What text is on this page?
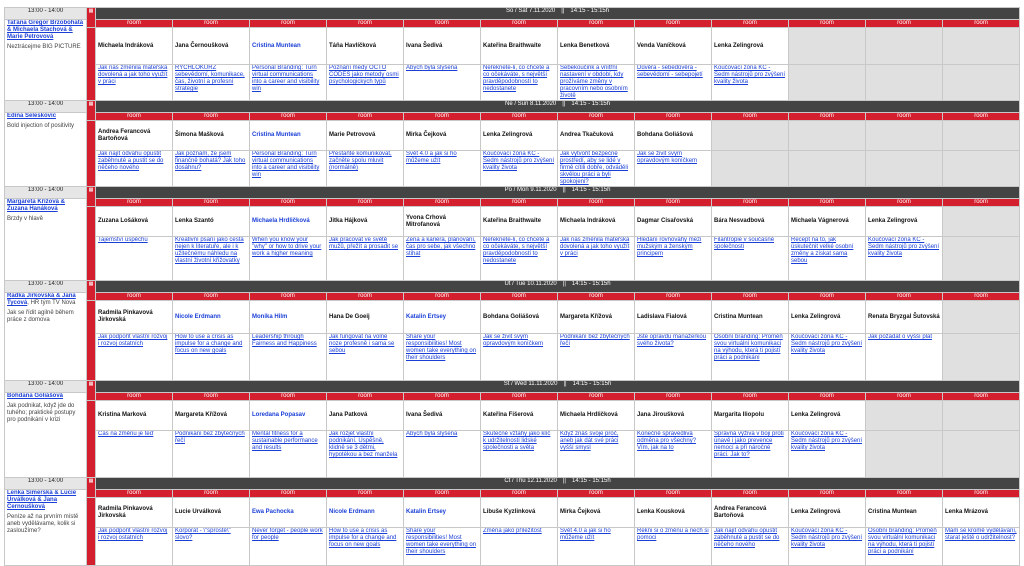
13:00 - 14:00	▦	So / Sat 7.11.2020 || 14:15 - 15:15h											
Taťána Gregor Brzobohatá & Michaela Stachová & Marie Petrovová
Neztrácejme BIG PICTURE		room	room	room	room	room	room	room	room	room	room	room	room
		Michaela Indráková	Jana Černoušková	Cristina Muntean	Táňa Havlíčková	Ivana Šedivá	Kateřina Braithwaite	Lenka Benetková	Venda Vaníčková	Lenka Zelingrová			
		Jak nás změnila mateřská dovolená a jak toho využít v práci	RYCHLOKURZ sebevědomí, komunikace, čas, životní a profesní strategie	Personal Branding: Turn virtual communications into a career and visibility win	Poznání medy OCTO CODES jako metody osmi psychologických typů	Abych byla slyšena	Neřeknete-li, co chcete a co očekáváte, s největší pravděpodobností to nedostanete	Sebekoučink a vnitřní nastavení v období, kdy prožíváme změny v pracovním nebo osobním životě	Důvěra - sebedůvěra - sebevědomí - sebepojetí	Koučovací zóna KC - Sedm nástrojů pro zvýšení kvality života			
13:00 - 14:00	▦	Ne / Sun 8.11.2020 || 14:15 - 15:15h											
Edina Seleskovic
Bold injection of positivity		room	room	room	room	room	room	room	room	room	room	room	room
		Andrea Ferancová Bartoňová	Šimona Mašková	Cristina Muntean	Marie Petrovová	Mirka Čejková	Lenka Zelingrová	Andrea Tkačuková	Bohdana Goliášová				
		Jak najít odvahu opustit zaběhnuté a pustit se do něčeho nového	Jak poznám, že jsem finančně bohatá? Jak toho dosáhnu?	Personal Branding: Turn virtual communications into a career and visibility win	Přestaňte komunikovat, začněte spolu mluvit (normálně)	Svět 4.0 a jak si ho můžeme užít	Koučovací zóna KC - Sedm nástrojů pro zvýšení kvality života	Jak vytvořit bezpečné prostředí, aby se lidé v firmě cítili dobře, odváděli skvělou práci a byli spokojeni?	Jak se živit svým opravdovým koníčkem				
13:00 - 14:00	▦	Po / Mon 9.11.2020 || 14:15 - 15:15h											
Margareta Křížová & Zuzana Hanáková
Brzdy v hlavě		room	room	room	room	room	room	room	room	room	room	room	room
		Zuzana Lošáková	Lenka Szantó	Michaela Hrdličková	Jitka Hájková	Yvona Crhová Mitrofanová	Kateřina Braithwaite	Michaela Indráková	Dagmar Cisařovská	Bára Nesvadbová	Michaela Vágnerová	Lenka Zelingrová	
		Tajemství úspěchu	Kreativní psaní jako cesta nejen k literatuře, ale i k užitečnému náhledu na vlastní životní křižovatky	When you know your "why" or how to drive your work a higher meaning	Jak pracovat ve světě mužů, přežít a prosadit se	Žena a kariéra, plánování, čas pro sebe, jak všechno stihat	Neřeknete-li, co chcete a co očekáváte, s největší pravděpodobností to nedostanete	Jak nás změnila mateřská dovolená a jak toho využít v práci	Hledání rovnováhy mezi mužským a ženským principem	Filantropie v současné společnosti	Recept na to, jak úskutečnit velké osobní změny a získat sama sebou	Koučovací zóna KC - Sedm nástrojů pro zvýšení kvality života	
13:00 - 14:00	▦	Út / Tue 10.11.2020 || 14:15 - 15:15h											
Radka Jirkovská & Jana Tycová, HR tým TV Nova
Jak se řídit agilně během práce z domova		room	room	room	room	room	room	room	room	room	room	room	room
		Radmila Pinkavová Jirkovská	Nicole Erdmann	Monika Hilm	Hana De Goeij	Katalin Ertsey	Bohdana Goliášová	Margareta Křížová	Ladislava Fialová	Cristina Muntean	Lenka Zelingrová	Renata Bryzgal Šutovská	
		Jak podpořit vlastní rozvoj i rozvoj ostatních	How to use a crisis as impulse for a change and focus on new goals	Leadership through Fairness and Happiness	Jak fungovat na volné noze profesně i sama se sebou	Share your responsibilities! Most women take everything on their shoulders	Jak se živit svým opravdovým koníčkem	Podnikání bez zbytečných řečí	Jste opravdu manažerkou svého života?	Osobní branding: Proměň svou virtuální komunikaci na výhodu, která ti pojistí práci a podnikání	Koučovací zóna KC - Sedm nástrojů pro zvýšení kvality života	Jak požádat o vyšší plat	
13:00 - 14:00	▦	St / Wed 11.11.2020 || 14:15 - 15:15h											
Bohdana Goliášová
Jak podnikat, když jde do tuhého; praktické postupy pro podnikání v krizi		room	room	room	room	room	room	room	room	room	room	room	room
		Kristina Marková	Margareta Křížová	Loredana Popasav	Jana Patková	Ivana Šedivá	Kateřina Fišerová	Michaela Hrdličková	Jana Jiroušková	Margarita Iliopolu	Lenka Zelingrová		
		Čas na změnu je teď	Podnikání bez zbytečných řečí	Mental fitness for a sustainable performance and results	Jak rozjet vlastní podnikání. Úspěšně, klidně se 3 dětmi, hypotékou a bez manžela	Abych byla slyšena	Skutečné vztahy jako klíč k udržitelnosti lidské společnosti a světa	Když znáš svoje proč, aneb jak dát své práci vyšší smysl	Konečně spravedlivá odměna pro všechny? Vím, jak na to	Správná výživa v boji proti únavě i jako prevence nemocí a při náročné práci. Jak to?	Koučovací zóna KC - Sedm nástrojů pro zvýšení kvality života		
13:00 - 14:00	▦	Čt / Thu 12.11.2020 || 14:15 - 15:15h											
Lenka Šimerská & Lucie Urválková & Jana Černoušková
Peníze až na prvním místě aneb vydělávame, kolik si zasloužíme?		room	room	room	room	room	room	room	room	room	room	room	room
		Radmila Pinkavová Jirkovská	Lucie Urválková	Ewa Pachocka	Nicole Erdmann	Katalin Ertsey	Libuše Kyzlinková	Mirka Čejková	Lenka Kousková	Andrea Ferancová Bartoňová	Lenka Zelingrová	Cristina Muntean	Lenka Mrázová
		Jak podpořit vlastní rozvoj i rozvoj ostatních	Korporát - \"sprostě\" slovo?	Never forget - people work for people	How to use a crisis as impulse for a change and focus on new goals	Share your responsibilities! Most women take everything on their shoulders	Změna jako příležitost	Svět 4.0 a jak si ho můžeme užít	Řekni si o změnu a nech si pomoci	Jak najít odvahu opustit zaběhnuté a pustit se do něčeho nového	Koučovací zóna KC - Sedm nástrojů pro zvýšení kvality života	Osobní branding: Proměň svou virtuální komunikaci na výhodu, která ti pojistí práci a podnikání	Mám se kromě vydělávání, starat ještě o udržitelnost?
